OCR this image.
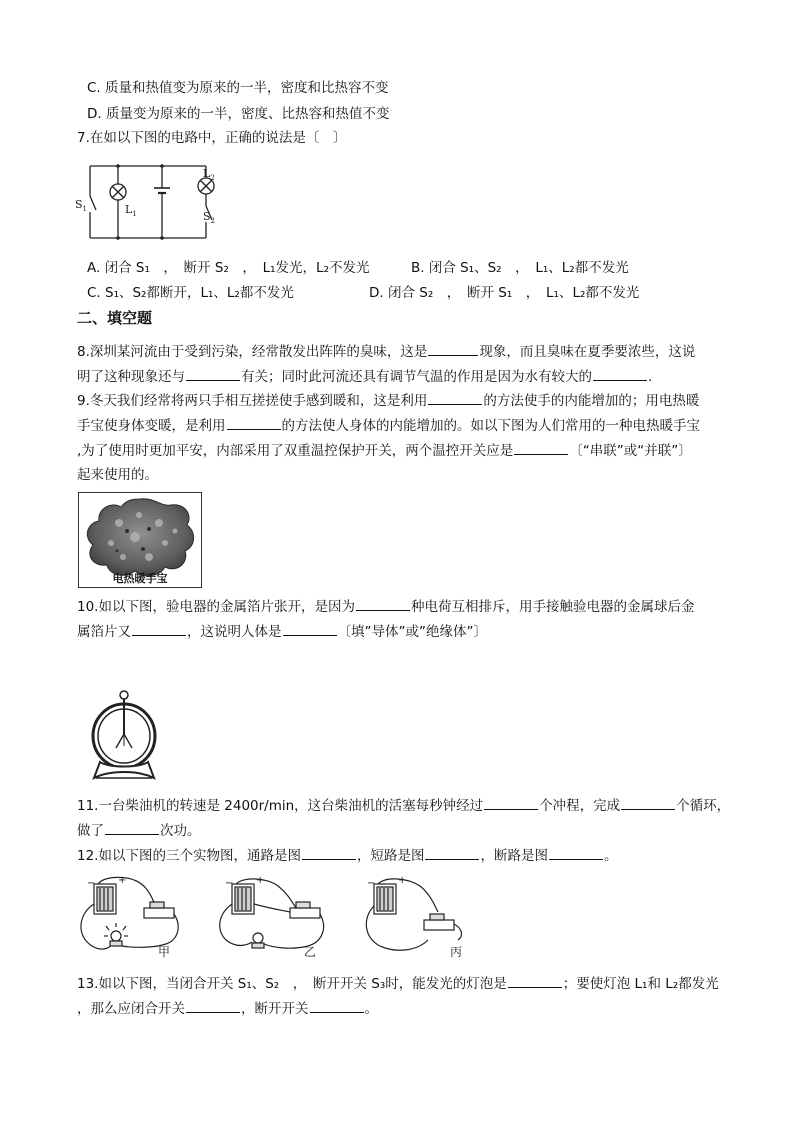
C. 质量和热值变为原来的一半，密度和比热容不变
D. 质量变为原来的一半，密度、比热容和热值不变
7.在如以下图的电路中，正确的说法是〔　〕
$S_1$	$L_1$
$L_2$
$S_2$
A. 闭合 S₁　，　断开 S₂　，　L₁发光，L₂不发光	B. 闭合 S₁、S₂　，　L₁、L₂都不发光
C. S₁、S₂都断开，L₁、L₂都不发光	D. 闭合 S₂　，　断开 S₁　，　L₁、L₂都不发光
二、填空题
8.深圳某河流由于受到污染，经常散发出阵阵的臭味，这是	现象，而且臭味在夏季要浓些，这说
明了这种现象还与	有关；同时此河流还具有调节气温的作用是因为水有较大的	.
9.冬天我们经常将两只手相互搓搓使手感到暖和，这是利用	的方法使手的内能增加的；用电热暖
手宝使身体变暖，是利用	的方法使人身体的内能增加的。如以下图为人们常用的一种电热暖手宝
,为了使用时更加平安，内部采用了双重温控保护开关，两个温控开关应是	〔“串联”或“并联”〕
起来使用的。
电热暖手宝
10.如以下图，验电器的金属箔片张开，是因为	种电荷互相排斥，用手接触验电器的金属球后金
属箔片又	，这说明人体是	〔填”导体”或”绝缘体”〕
11.一台柴油机的转速是 2400r/min，这台柴油机的活塞每秒钟经过	个冲程，完成	个循环，
做了	次功。
12.如以下图的三个实物图，通路是图	，短路是图	，断路是图	。
− +
甲
− +
乙
− +
丙
13.如以下图，当闭合开关 S₁、S₂　，　断开开关 S₃时，能发光的灯泡是	；要使灯泡 L₁和 L₂都发光
，那么应闭合开关	，断开开关	。
